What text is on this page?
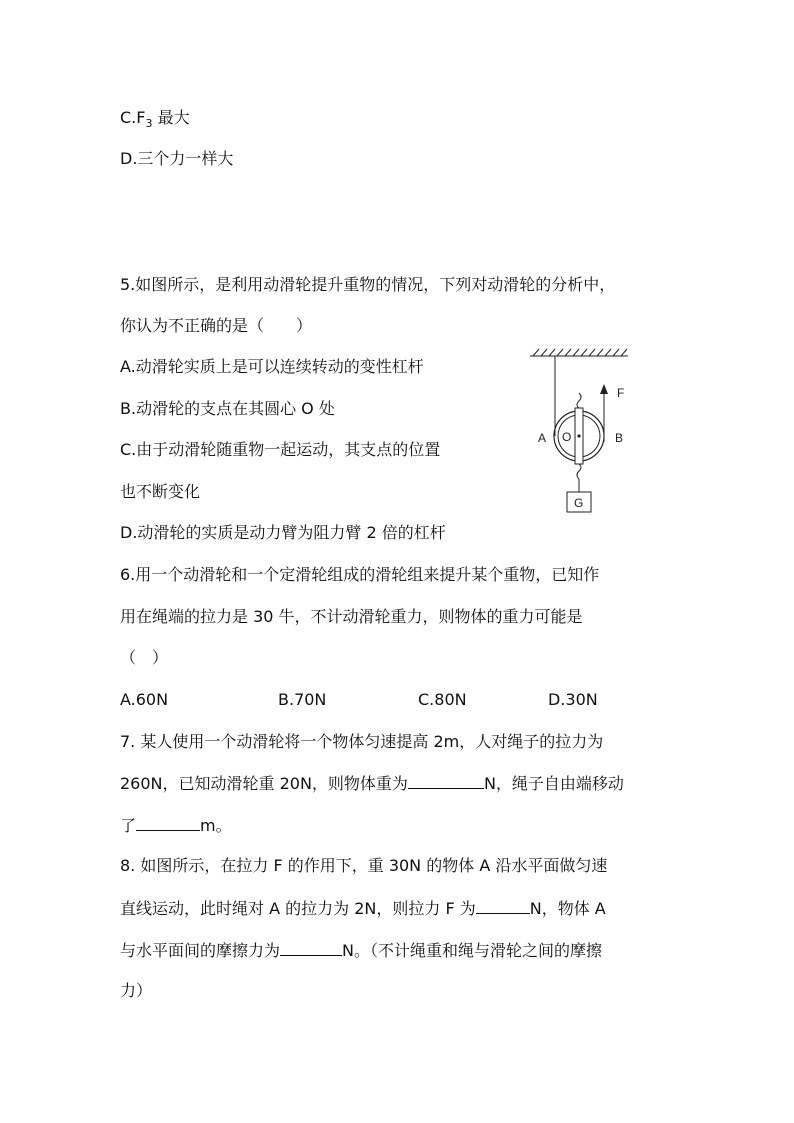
$C.F_3$ 最大
D.三个力一样大
5.如图所示，是利用动滑轮提升重物的情况，下列对动滑轮的分析中，
你认为不正确的是（　　）
A.动滑轮实质上是可以连续转动的变性杠杆
B.动滑轮的支点在其圆心 O 处
C.由于动滑轮随重物一起运动，其支点的位置
也不断变化
D.动滑轮的实质是动力臂为阻力臂 2 倍的杠杆
F
G
A O	B
6.用一个动滑轮和一个定滑轮组成的滑轮组来提升某个重物，已知作
用在绳端的拉力是 30 牛，不计动滑轮重力，则物体的重力可能是
（　）
A.60N	B.70N	C.80N	D.30N
7. 某人使用一个动滑轮将一个物体匀速提高 2m，人对绳子的拉力为
260N，已知动滑轮重 20N，则物体重为	N，绳子自由端移动
了	m。
8. 如图所示，在拉力 F 的作用下，重 30N 的物体 A 沿水平面做匀速
直线运动，此时绳对 A 的拉力为 2N，则拉力 F 为	N，物体 A
与水平面间的摩擦力为	N。（不计绳重和绳与滑轮之间的摩擦
力）
